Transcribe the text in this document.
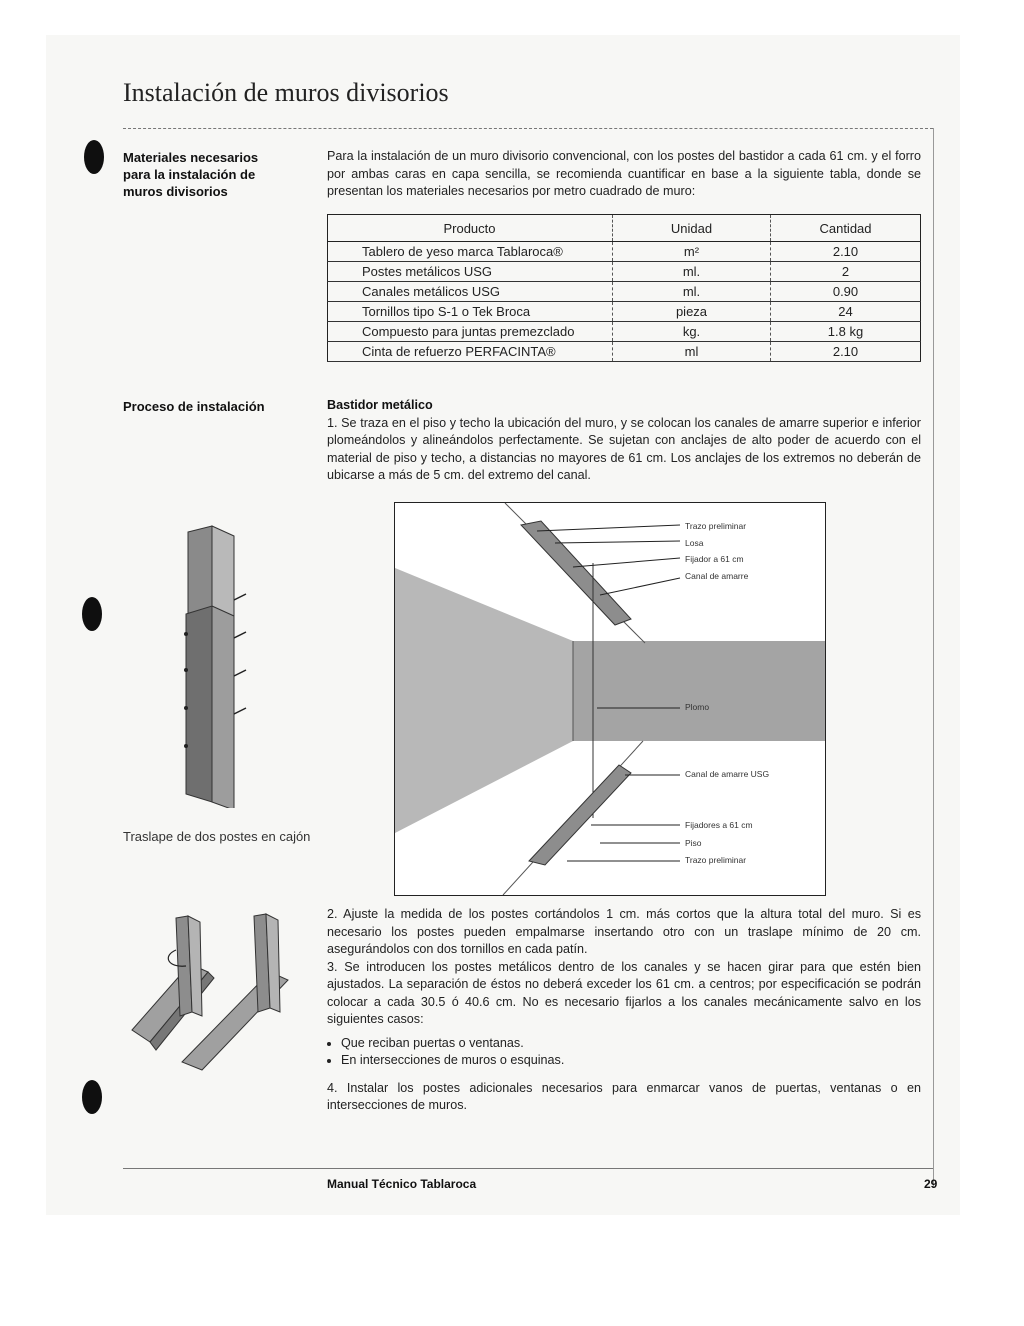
Instalación de muros divisorios
Materiales necesarios para la instalación de muros divisorios
Para la instalación de un muro divisorio convencional, con los postes del bastidor a cada 61 cm. y el forro por ambas caras en capa sencilla, se recomienda cuantificar en base a la siguiente tabla, donde se presentan los materiales necesarios por metro cuadrado de muro:
Producto	Unidad	Cantidad
Tablero de yeso marca Tablaroca®	m²	2.10
Postes metálicos USG	ml.	2
Canales metálicos USG	ml.	0.90
Tornillos tipo S-1 o Tek Broca	pieza	24
Compuesto para juntas premezclado	kg.	1.8 kg
Cinta de refuerzo PERFACINTA®	ml	2.10
Proceso de instalación	Bastidor metálico
1. Se traza en el piso y techo la ubicación del muro, y se colocan los canales de amarre superior e inferior plomeándolos y alineándolos perfectamente. Se sujetan con anclajes de alto poder de acuerdo con el material de piso y techo, a distancias no mayores de 61 cm. Los anclajes de los extremos no deberán de ubicarse a más de 5 cm. del extremo del canal.
Traslape de dos postes en cajón
Trazo preliminar
Losa
Fijador a 61 cm
Canal de amarre
Plomo
Canal de amarre USG
Fijadores a 61 cm
Piso
Trazo preliminar
2. Ajuste la medida de los postes cortándolos 1 cm. más cortos que la altura total del muro. Si es necesario los postes pueden empalmarse insertando otro con un traslape mínimo de 20 cm. asegurándolos con dos tornillos en cada patín.
3. Se introducen los postes metálicos dentro de los canales y se hacen girar para que estén bien ajustados. La separación de éstos no deberá exceder los 61 cm. a centros; por especificación se podrán colocar a cada 30.5 ó 40.6 cm. No es necesario fijarlos a los canales mecánicamente salvo en los siguientes casos:
• Que reciban puertas o ventanas.
• En intersecciones de muros o esquinas.
4. Instalar los postes adicionales necesarios para enmarcar vanos de puertas, ventanas o en intersecciones de muros.
Manual Técnico Tablaroca	29
